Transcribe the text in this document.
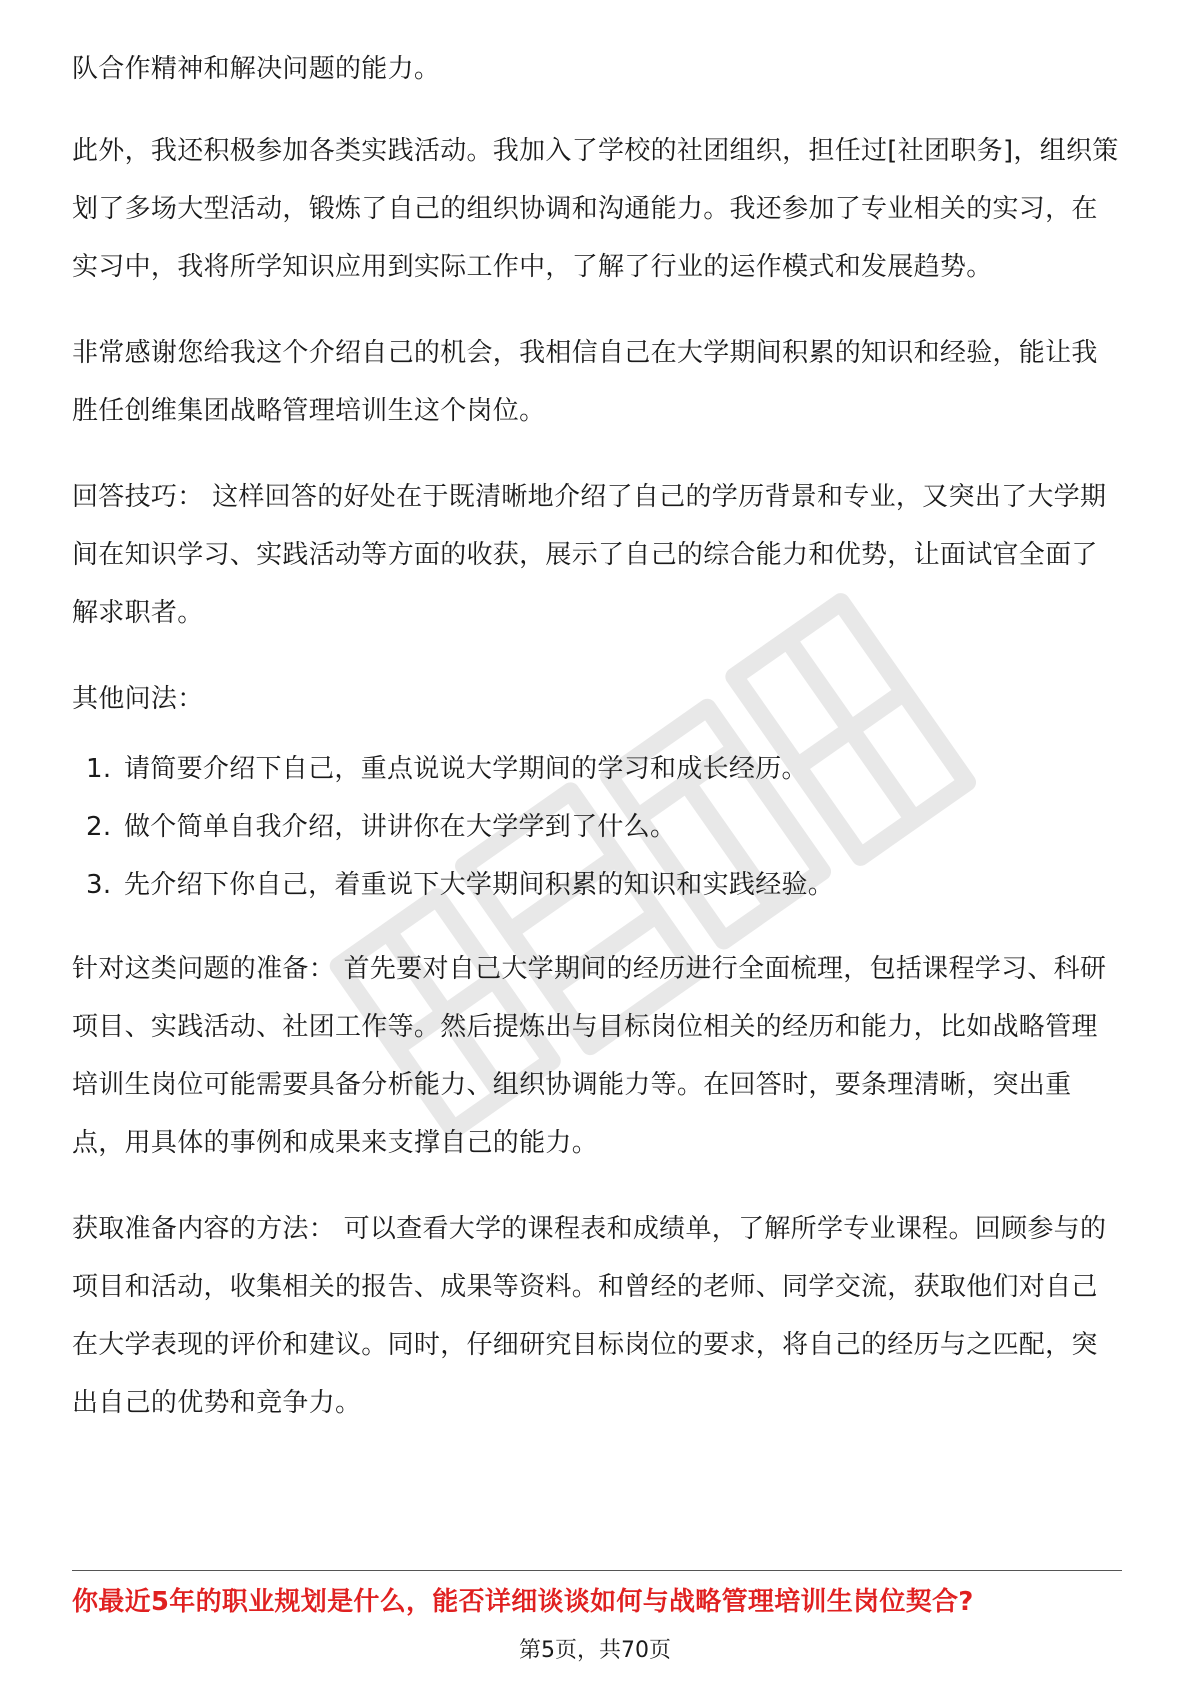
队合作精神和解决问题的能力。

此外，我还积极参加各类实践活动。我加入了学校的社团组织，担任过[社团职务]，组织策划了多场大型活动，锻炼了自己的组织协调和沟通能力。我还参加了专业相关的实习，在实习中，我将所学知识应用到实际工作中，了解了行业的运作模式和发展趋势。

非常感谢您给我这个介绍自己的机会，我相信自己在大学期间积累的知识和经验，能让我胜任创维集团战略管理培训生这个岗位。

回答技巧： 这样回答的好处在于既清晰地介绍了自己的学历背景和专业，又突出了大学期间在知识学习、实践活动等方面的收获，展示了自己的综合能力和优势，让面试官全面了解求职者。

其他问法：

1. 请简要介绍下自己，重点说说大学期间的学习和成长经历。
2. 做个简单自我介绍，讲讲你在大学学到了什么。
3. 先介绍下你自己，着重说下大学期间积累的知识和实践经验。

针对这类问题的准备： 首先要对自己大学期间的经历进行全面梳理，包括课程学习、科研项目、实践活动、社团工作等。然后提炼出与目标岗位相关的经历和能力，比如战略管理培训生岗位可能需要具备分析能力、组织协调能力等。在回答时，要条理清晰，突出重点，用具体的事例和成果来支撑自己的能力。

获取准备内容的方法： 可以查看大学的课程表和成绩单，了解所学专业课程。回顾参与的项目和活动，收集相关的报告、成果等资料。和曾经的老师、同学交流，获取他们对自己在大学表现的评价和建议。同时，仔细研究目标岗位的要求，将自己的经历与之匹配，突出自己的优势和竞争力。

你最近5年的职业规划是什么，能否详细谈谈如何与战略管理培训生岗位契合?
第5页，共70页
